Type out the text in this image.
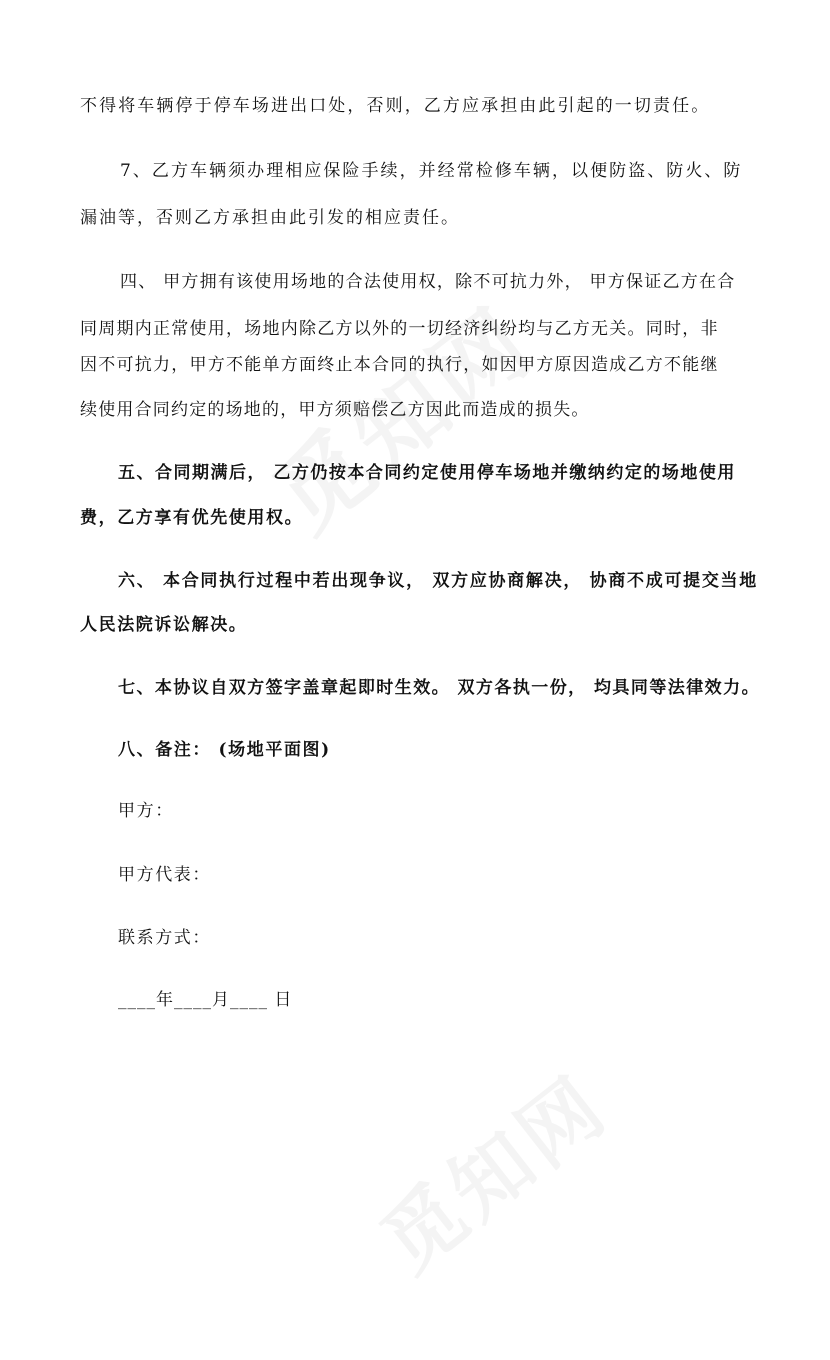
不得将车辆停于停车场进出口处，否则，乙方应承担由此引起的一切责任。
7、乙方车辆须办理相应保险手续，并经常检修车辆，以便防盗、防火、防
漏油等，否则乙方承担由此引发的相应责任。
四、 甲方拥有该使用场地的合法使用权，除不可抗力外， 甲方保证乙方在合
同周期内正常使用，场地内除乙方以外的一切经济纠纷均与乙方无关。同时，非
因不可抗力，甲方不能单方面终止本合同的执行，如因甲方原因造成乙方不能继
续使用合同约定的场地的，甲方须赔偿乙方因此而造成的损失。
五、合同期满后， 乙方仍按本合同约定使用停车场地并缴纳约定的场地使用
费，乙方享有优先使用权。
六、 本合同执行过程中若出现争议， 双方应协商解决， 协商不成可提交当地
人民法院诉讼解决。
七、本协议自双方签字盖章起即时生效。 双方各执一份， 均具同等法律效力。
八、备注： (场地平面图)
甲方：
甲方代表：
联系方式：
____年____月____ 日
